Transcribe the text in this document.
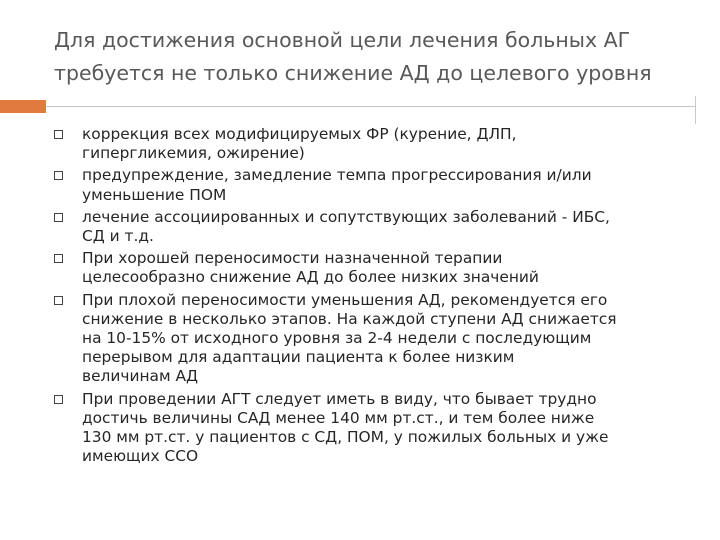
Для достижения основной цели лечения больных АГ
требуется не только снижение АД до целевого уровня
коррекция всех модифицируемых ФР (курение, ДЛП,
гипергликемия, ожирение)
предупреждение, замедление темпа прогрессирования и/или
уменьшение ПОМ
лечение ассоциированных и сопутствующих заболеваний - ИБС,
СД и т.д.
При хорошей переносимости назначенной терапии
целесообразно снижение АД до более низких значений
При плохой переносимости уменьшения АД, рекомендуется его
снижение в несколько этапов. На каждой ступени АД снижается
на 10-15% от исходного уровня за 2-4 недели с последующим
перерывом для адаптации пациента к более низким
величинам АД
При проведении АГТ следует иметь в виду, что бывает трудно
достичь величины САД менее 140 мм рт.ст., и тем более ниже
130 мм рт.ст. у пациентов с СД, ПОМ, у пожилых больных и уже
имеющих ССО
